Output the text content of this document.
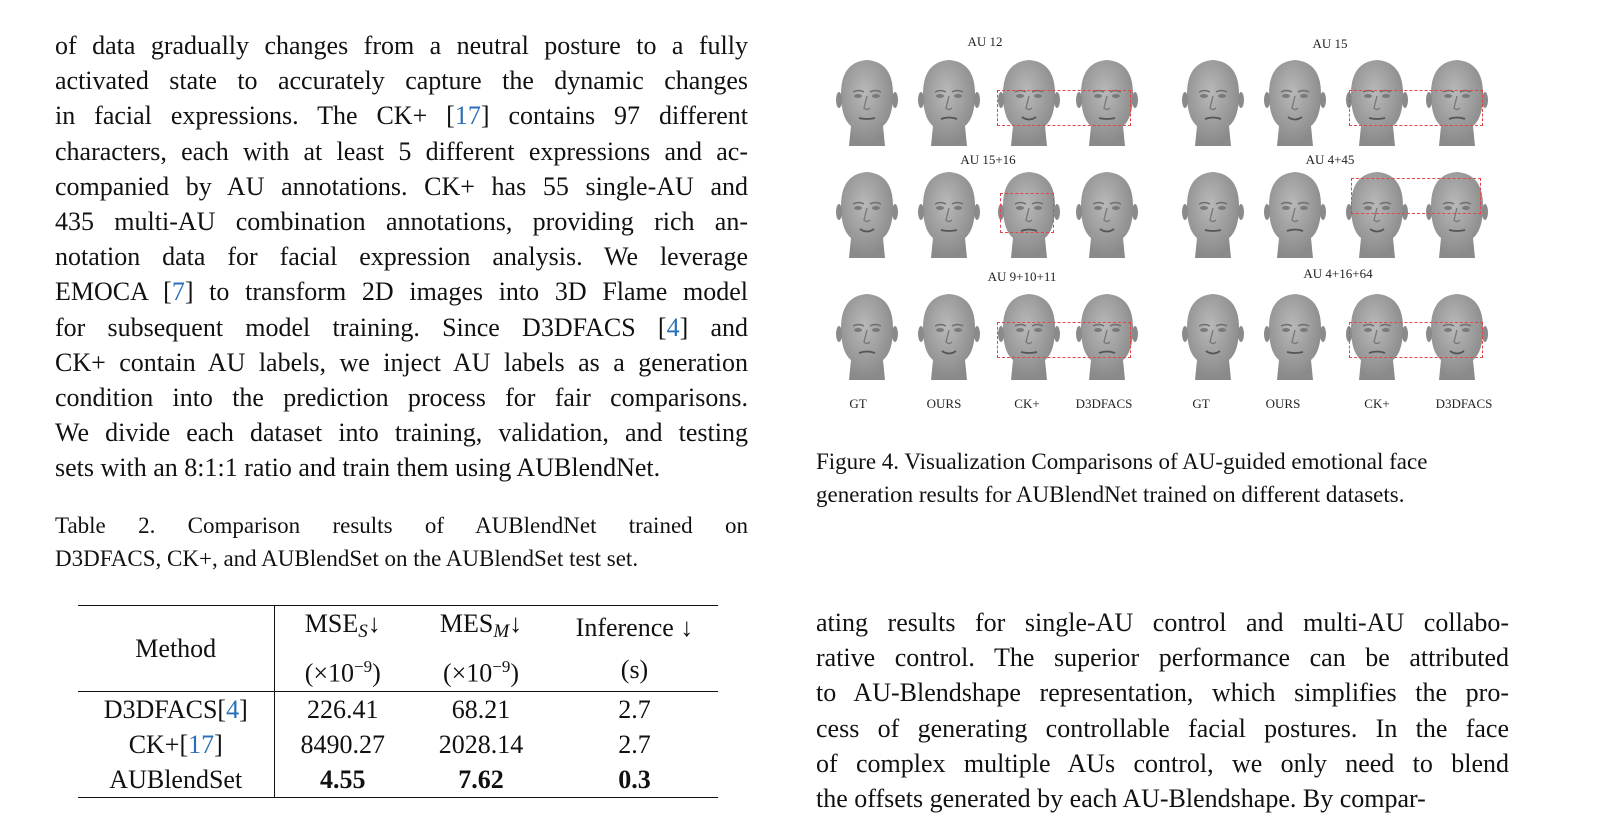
of data gradually changes from a neutral posture to a fully
activated state to accurately capture the dynamic changes
in facial expressions. The CK+ [17] contains 97 different
characters, each with at least 5 different expressions and ac-
companied by AU annotations. CK+ has 55 single-AU and
435 multi-AU combination annotations, providing rich an-
notation data for facial expression analysis. We leverage
EMOCA [7] to transform 2D images into 3D Flame model
for subsequent model training. Since D3DFACS [4] and
CK+ contain AU labels, we inject AU labels as a generation
condition into the prediction process for fair comparisons.
We divide each dataset into training, validation, and testing
sets with an 8:1:1 ratio and train them using AUBlendNet.
Table 2. Comparison results of AUBlendNet trained on
D3DFACS, CK+, and AUBlendSet on the AUBlendSet test set.
Method	MSES↓	MESM↓	Inference ↓
	$(\times 10^{-9})$	$(\times 10^{-9})$	(s)
D3DFACS[4]	226.41	68.21	2.7
CK+[17]	8490.27	2028.14	2.7
AUBlendSet	4.55	7.62	0.3
AU 12	AU 15
AU 15+16	AU 4+45
AU 9+10+11	AU 4+16+64
GT	OURS	CK+	D3DFACS	GT	OURS	CK+	D3DFACS
Figure 4. Visualization Comparisons of AU-guided emotional face generation results for AUBlendNet trained on different datasets.
ating results for single-AU control and multi-AU collabo-
rative control. The superior performance can be attributed
to AU-Blendshape representation, which simplifies the pro-
cess of generating controllable facial postures. In the face
of complex multiple AUs control, we only need to blend
the offsets generated by each AU-Blendshape. By compar-
